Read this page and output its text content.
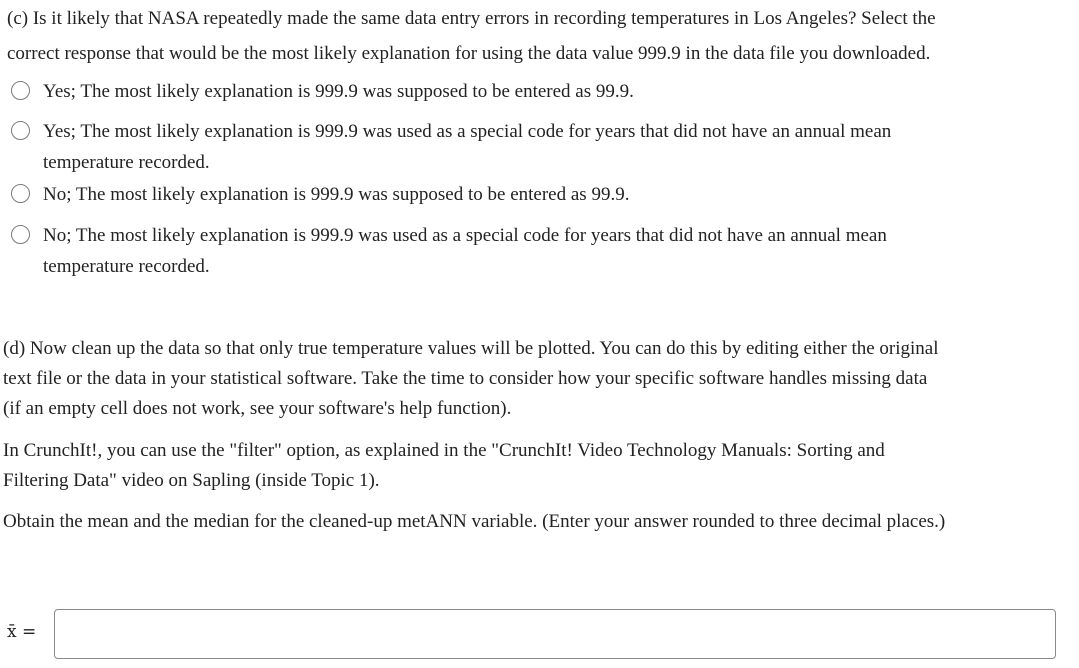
(c) Is it likely that NASA repeatedly made the same data entry errors in recording temperatures in Los Angeles? Select the
correct response that would be the most likely explanation for using the data value 999.9 in the data file you downloaded.
Yes; The most likely explanation is 999.9 was supposed to be entered as 99.9.
Yes; The most likely explanation is 999.9 was used as a special code for years that did not have an annual mean
temperature recorded.
No; The most likely explanation is 999.9 was supposed to be entered as 99.9.
No; The most likely explanation is 999.9 was used as a special code for years that did not have an annual mean
temperature recorded.
(d) Now clean up the data so that only true temperature values will be plotted. You can do this by editing either the original
text file or the data in your statistical software. Take the time to consider how your specific software handles missing data
(if an empty cell does not work, see your software's help function).
In CrunchIt!, you can use the "filter" option, as explained in the "CrunchIt! Video Technology Manuals: Sorting and
Filtering Data" video on Sapling (inside Topic 1).
Obtain the mean and the median for the cleaned-up metANN variable. (Enter your answer rounded to three decimal places.)
x̄ =
